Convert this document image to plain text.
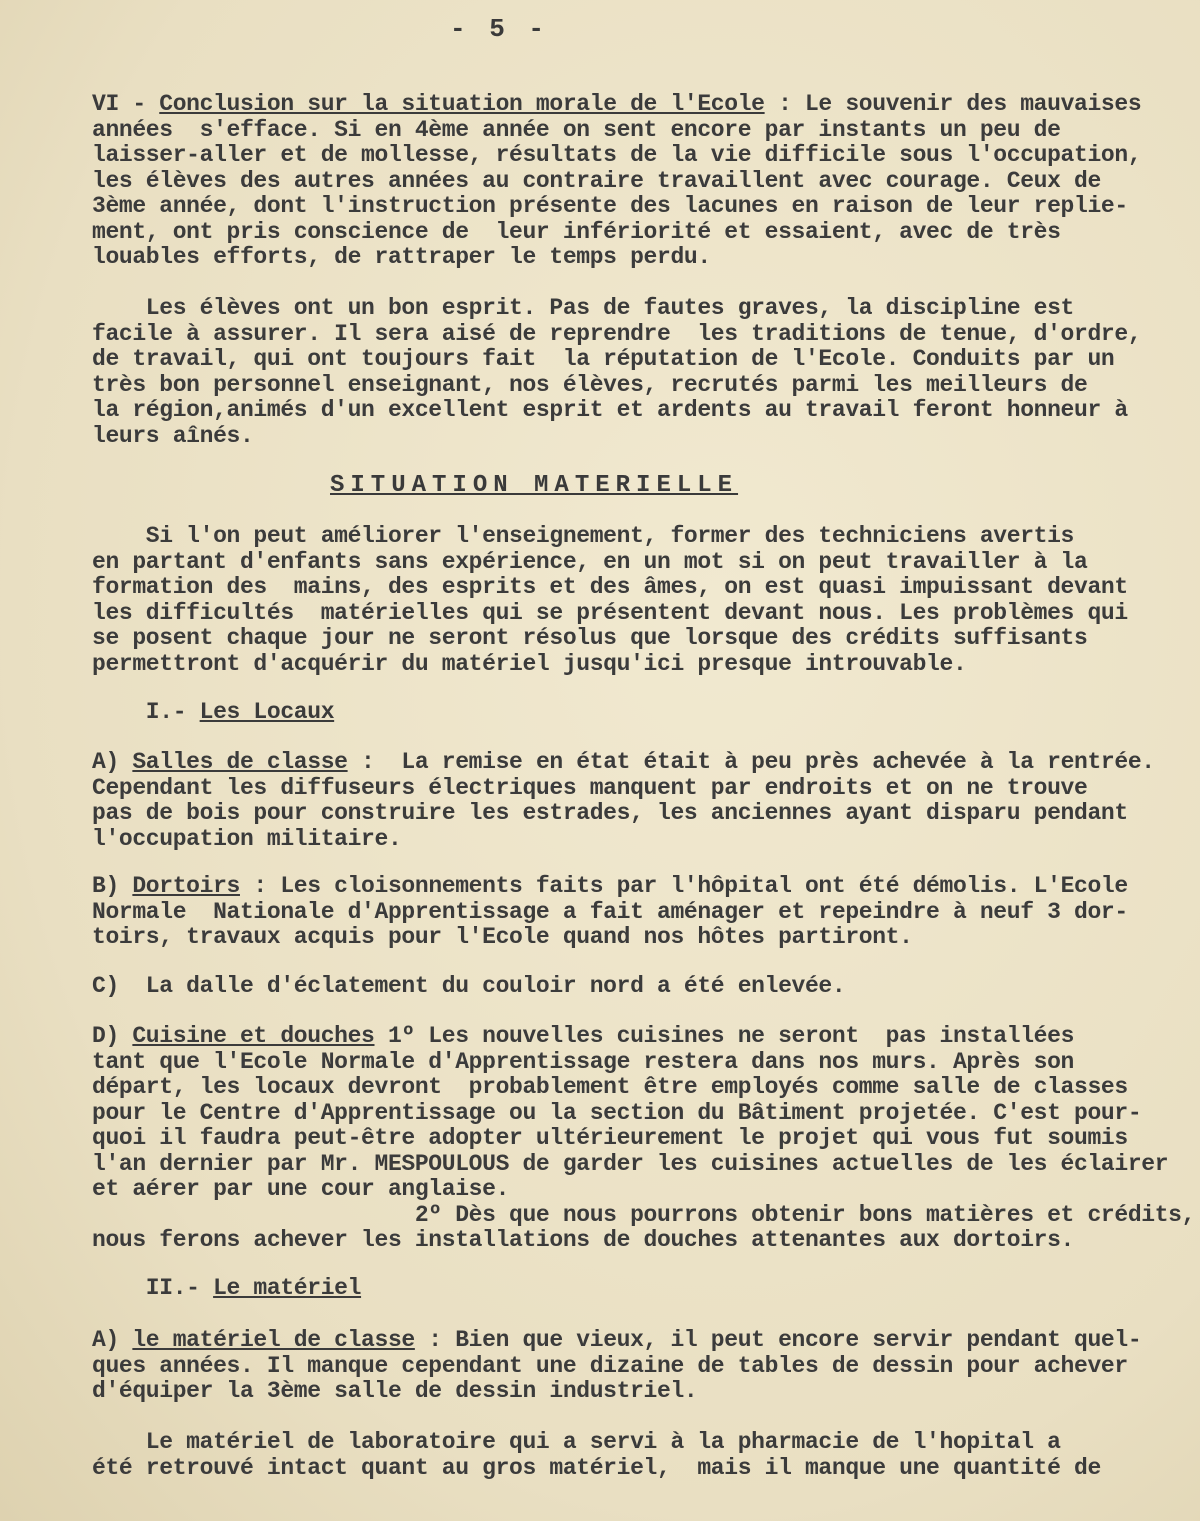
- 5 -
VI - Conclusion sur la situation morale de l'Ecole : Le souvenir des mauvaises
années  s'efface. Si en 4ème année on sent encore par instants un peu de
laisser-aller et de mollesse, résultats de la vie difficile sous l'occupation,
les élèves des autres années au contraire travaillent avec courage. Ceux de
3ème année, dont l'instruction présente des lacunes en raison de leur replie-
ment, ont pris conscience de  leur infériorité et essaient, avec de très
louables efforts, de rattraper le temps perdu.
Les élèves ont un bon esprit. Pas de fautes graves, la discipline est
facile à assurer. Il sera aisé de reprendre  les traditions de tenue, d'ordre,
de travail, qui ont toujours fait  la réputation de l'Ecole. Conduits par un
très bon personnel enseignant, nos élèves, recrutés parmi les meilleurs de
la région,animés d'un excellent esprit et ardents au travail feront honneur à
leurs aînés.
SITUATION MATERIELLE
Si l'on peut améliorer l'enseignement, former des techniciens avertis
en partant d'enfants sans expérience, en un mot si on peut travailler à la
formation des  mains, des esprits et des âmes, on est quasi impuissant devant
les difficultés  matérielles qui se présentent devant nous. Les problèmes qui
se posent chaque jour ne seront résolus que lorsque des crédits suffisants
permettront d'acquérir du matériel jusqu'ici presque introuvable.
I.- Les Locaux
A) Salles de classe :  La remise en état était à peu près achevée à la rentrée.
Cependant les diffuseurs électriques manquent par endroits et on ne trouve
pas de bois pour construire les estrades, les anciennes ayant disparu pendant
l'occupation militaire.
B) Dortoirs : Les cloisonnements faits par l'hôpital ont été démolis. L'Ecole
Normale  Nationale d'Apprentissage a fait aménager et repeindre à neuf 3 dor-
toirs, travaux acquis pour l'Ecole quand nos hôtes partiront.
C)  La dalle d'éclatement du couloir nord a été enlevée.
D) Cuisine et douches 1º Les nouvelles cuisines ne seront  pas installées
tant que l'Ecole Normale d'Apprentissage restera dans nos murs. Après son
départ, les locaux devront  probablement être employés comme salle de classes
pour le Centre d'Apprentissage ou la section du Bâtiment projetée. C'est pour-
quoi il faudra peut-être adopter ultérieurement le projet qui vous fut soumis
l'an dernier par Mr. MESPOULOUS de garder les cuisines actuelles de les éclairer
et aérer par une cour anglaise.
2º Dès que nous pourrons obtenir bons matières et crédits,
nous ferons achever les installations de douches attenantes aux dortoirs.
II.- Le matériel
A) le matériel de classe : Bien que vieux, il peut encore servir pendant quel-
ques années. Il manque cependant une dizaine de tables de dessin pour achever
d'équiper la 3ème salle de dessin industriel.
Le matériel de laboratoire qui a servi à la pharmacie de l'hopital a
été retrouvé intact quant au gros matériel,  mais il manque une quantité de
